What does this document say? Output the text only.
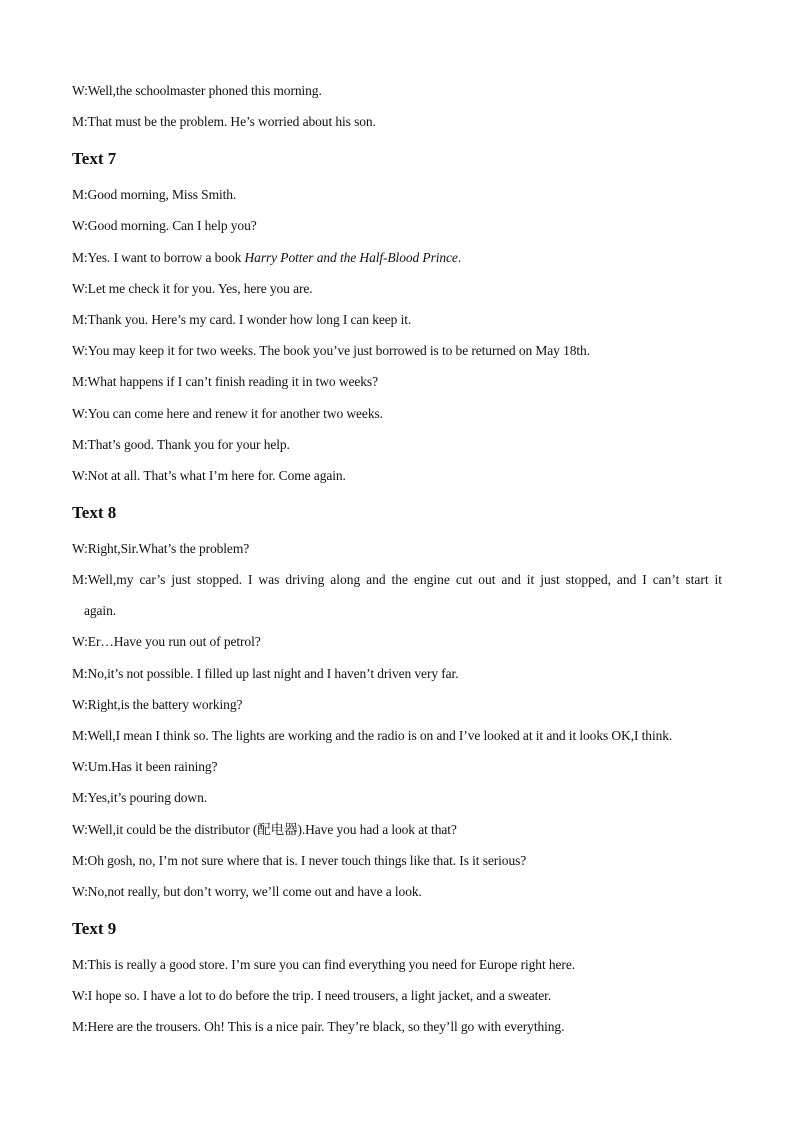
W:Well,the schoolmaster phoned this morning.
M:That must be the problem. He’s worried about his son.
Text 7
M:Good morning, Miss Smith.
W:Good morning. Can I help you?
M:Yes. I want to borrow a book Harry Potter and the Half-Blood Prince.
W:Let me check it for you. Yes, here you are.
M:Thank you. Here’s my card. I wonder how long I can keep it.
W:You may keep it for two weeks. The book you’ve just borrowed is to be returned on May 18th.
M:What happens if I can’t finish reading it in two weeks?
W:You can come here and renew it for another two weeks.
M:That’s good. Thank you for your help.
W:Not at all. That’s what I’m here for. Come again.
Text 8
W:Right,Sir.What’s the problem?
M:Well,my car’s just stopped. I was driving along and the engine cut out and it just stopped, and I can’t start it
again.
W:Er…Have you run out of petrol?
M:No,it’s not possible. I filled up last night and I haven’t driven very far.
W:Right,is the battery working?
M:Well,I mean I think so. The lights are working and the radio is on and I’ve looked at it and it looks OK,I think.
W:Um.Has it been raining?
M:Yes,it’s pouring down.
W:Well,it could be the distributor (配电器).Have you had a look at that?
M:Oh gosh, no, I’m not sure where that is. I never touch things like that. Is it serious?
W:No,not really, but don’t worry, we’ll come out and have a look.
Text 9
M:This is really a good store. I’m sure you can find everything you need for Europe right here.
W:I hope so. I have a lot to do before the trip. I need trousers, a light jacket, and a sweater.
M:Here are the trousers. Oh! This is a nice pair. They’re black, so they’ll go with everything.
